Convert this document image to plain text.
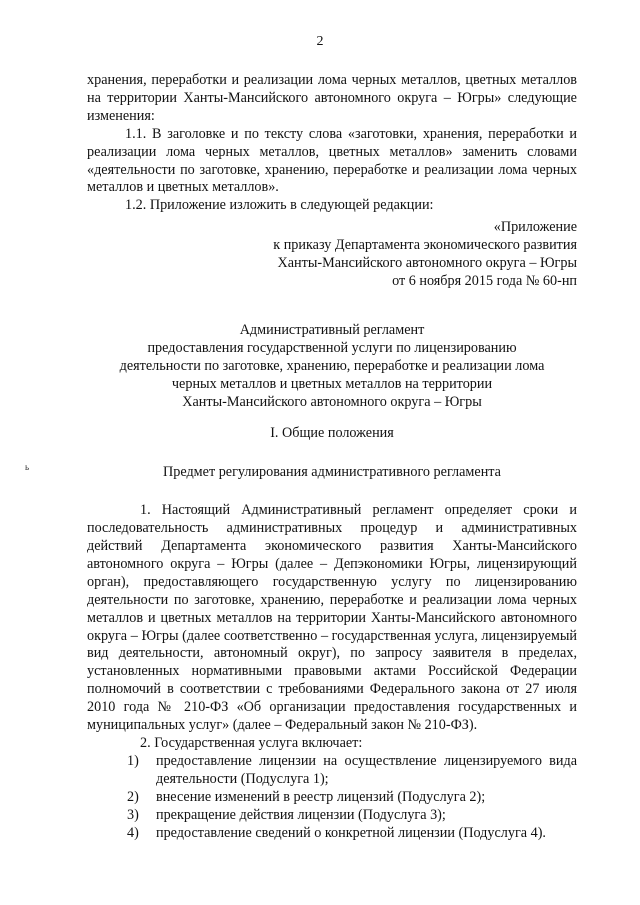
2
ь

хранения, переработки и реализации лома черных металлов, цветных металлов на территории Ханты-Мансийского автономного округа – Югры» следующие изменения:

1.1. В заголовке и по тексту слова «заготовки, хранения, переработки и реализации лома черных металлов, цветных металлов» заменить словами «деятельности по заготовке, хранению, переработке и реализации лома черных металлов и цветных металлов».

1.2. Приложение изложить в следующей редакции:

«Приложение
к приказу Департамента экономического развития
Ханты-Мансийского автономного округа – Югры
от 6 ноября 2015 года № 60-нп
Административный регламент
предоставления государственной услуги по лицензированию
деятельности по заготовке, хранению, переработке и реализации лома
черных металлов и цветных металлов на территории
Ханты-Мансийского автономного округа – Югры
I. Общие положения
Предмет регулирования административного регламента

1. Настоящий Административный регламент определяет сроки и последовательность административных процедур и административных действий Департамента экономического развития Ханты-Мансийского автономного округа – Югры (далее – Депэкономики Югры, лицензирующий орган), предоставляющего государственную услугу по лицензированию деятельности по заготовке, хранению, переработке и реализации лома черных металлов и цветных металлов на территории Ханты-Мансийского автономного округа – Югры (далее соответственно – государственная услуга, лицензируемый вид деятельности, автономный округ), по запросу заявителя в пределах, установленных нормативными правовыми актами Российской Федерации полномочий в соответствии с требованиями Федерального закона от 27 июля 2010 года № 210-ФЗ «Об организации предоставления государственных и муниципальных услуг» (далее – Федеральный закон № 210-ФЗ).

2. Государственная услуга включает:

1)	предоставление лицензии на осуществление лицензируемого вида деятельности (Подуслуга 1);
2)	внесение изменений в реестр лицензий (Подуслуга 2);
3)	прекращение действия лицензии (Подуслуга 3);
4)	предоставление сведений о конкретной лицензии (Подуслуга 4).
